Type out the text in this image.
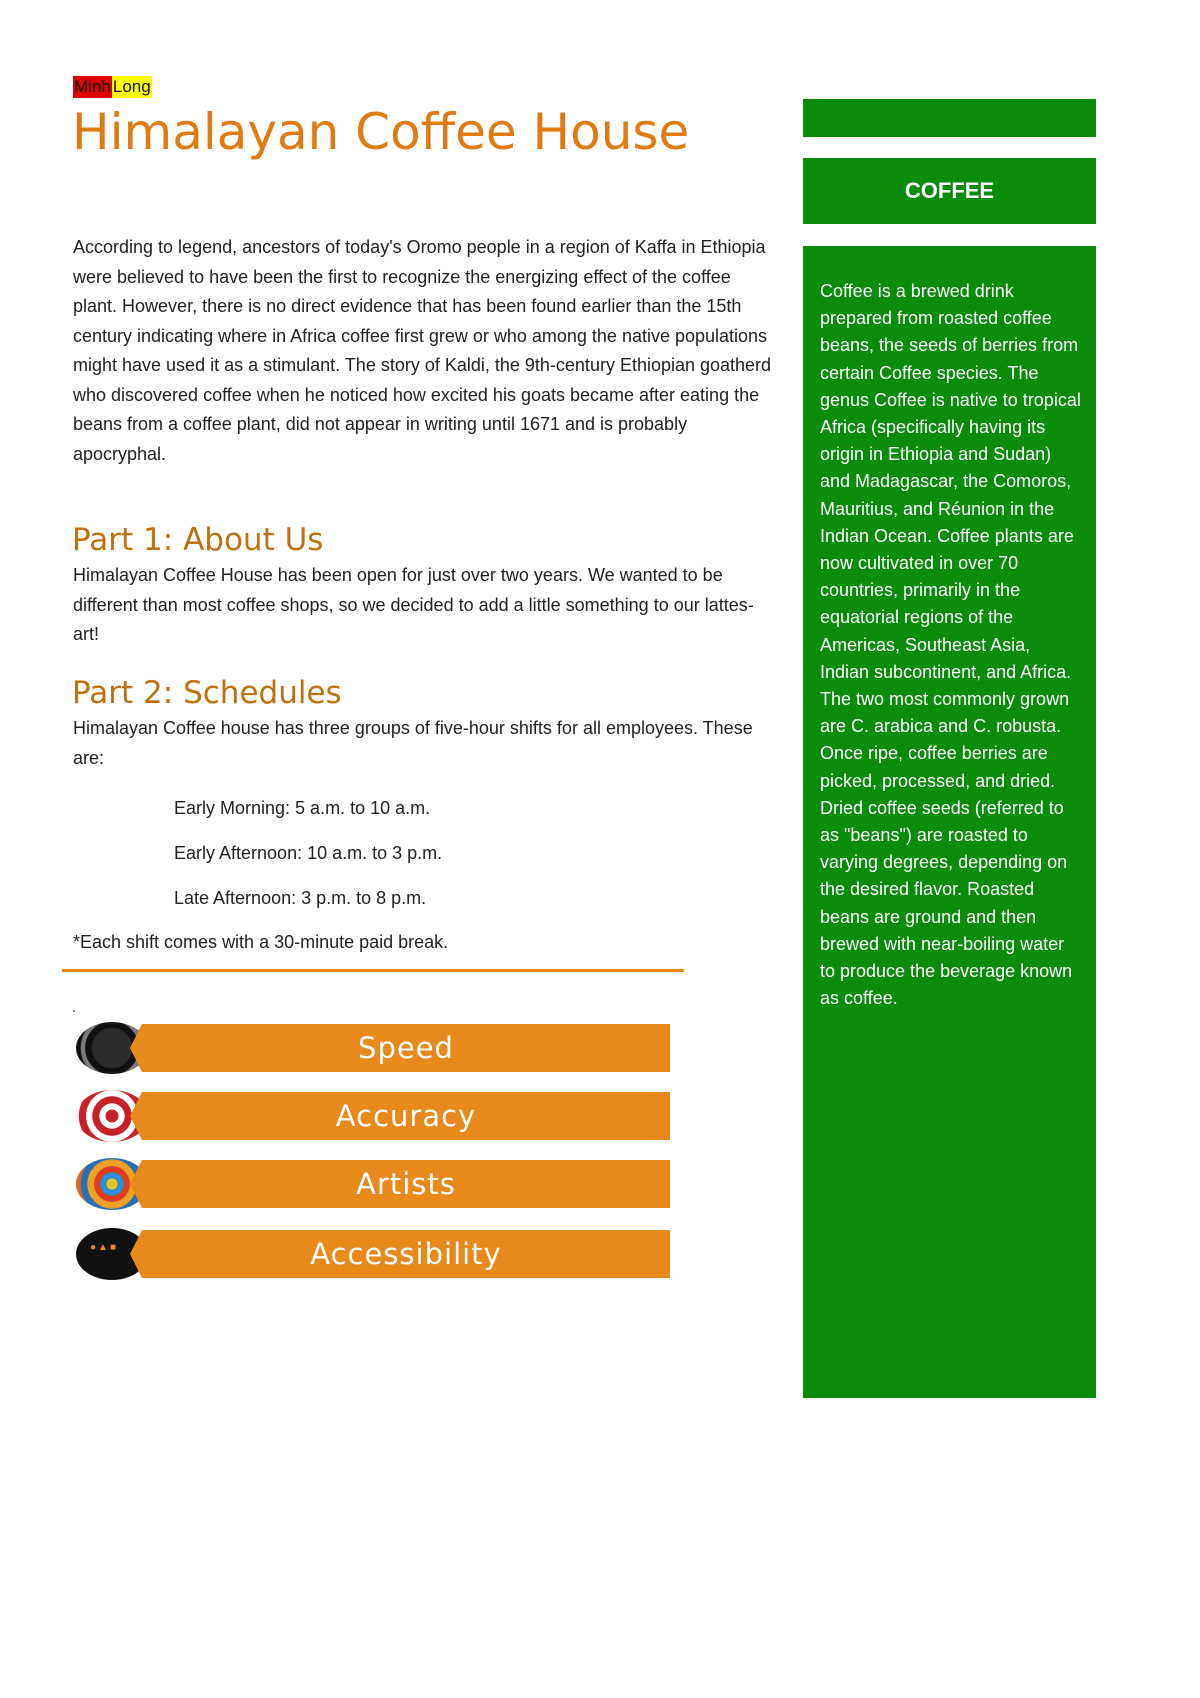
Minh Long
Himalayan Coffee House

According to legend, ancestors of today's Oromo people in a region of Kaffa in Ethiopia were believed to have been the first to recognize the energizing effect of the coffee plant. However, there is no direct evidence that has been found earlier than the 15th century indicating where in Africa coffee first grew or who among the native populations might have used it as a stimulant. The story of Kaldi, the 9th-century Ethiopian goatherd who discovered coffee when he noticed how excited his goats became after eating the beans from a coffee plant, did not appear in writing until 1671 and is probably apocryphal.

Part 1: About Us

Himalayan Coffee House has been open for just over two years. We wanted to be different than most coffee shops, so we decided to add a little something to our lattes-art!

Part 2: Schedules

Himalayan Coffee house has three groups of five-hour shifts for all employees. These are:

Early Morning: 5 a.m. to 10 a.m.

Early Afternoon: 10 a.m. to 3 p.m.

Late Afternoon: 3 p.m. to 8 p.m.

*Each shift comes with a 30-minute paid break.

Speed
Accuracy
Artists
●▲■
Accessibility
COFFEE

Coffee is a brewed drink prepared from roasted coffee beans, the seeds of berries from certain Coffee species. The genus Coffee is native to tropical Africa (specifically having its origin in Ethiopia and Sudan) and Madagascar, the Comoros, Mauritius, and Réunion in the Indian Ocean. Coffee plants are now cultivated in over 70 countries, primarily in the equatorial regions of the Americas, Southeast Asia, Indian subcontinent, and Africa. The two most commonly grown are C. arabica and C. robusta. Once ripe, coffee berries are picked, processed, and dried. Dried coffee seeds (referred to as "beans") are roasted to varying degrees, depending on the desired flavor. Roasted beans are ground and then brewed with near-boiling water to produce the beverage known as coffee.
